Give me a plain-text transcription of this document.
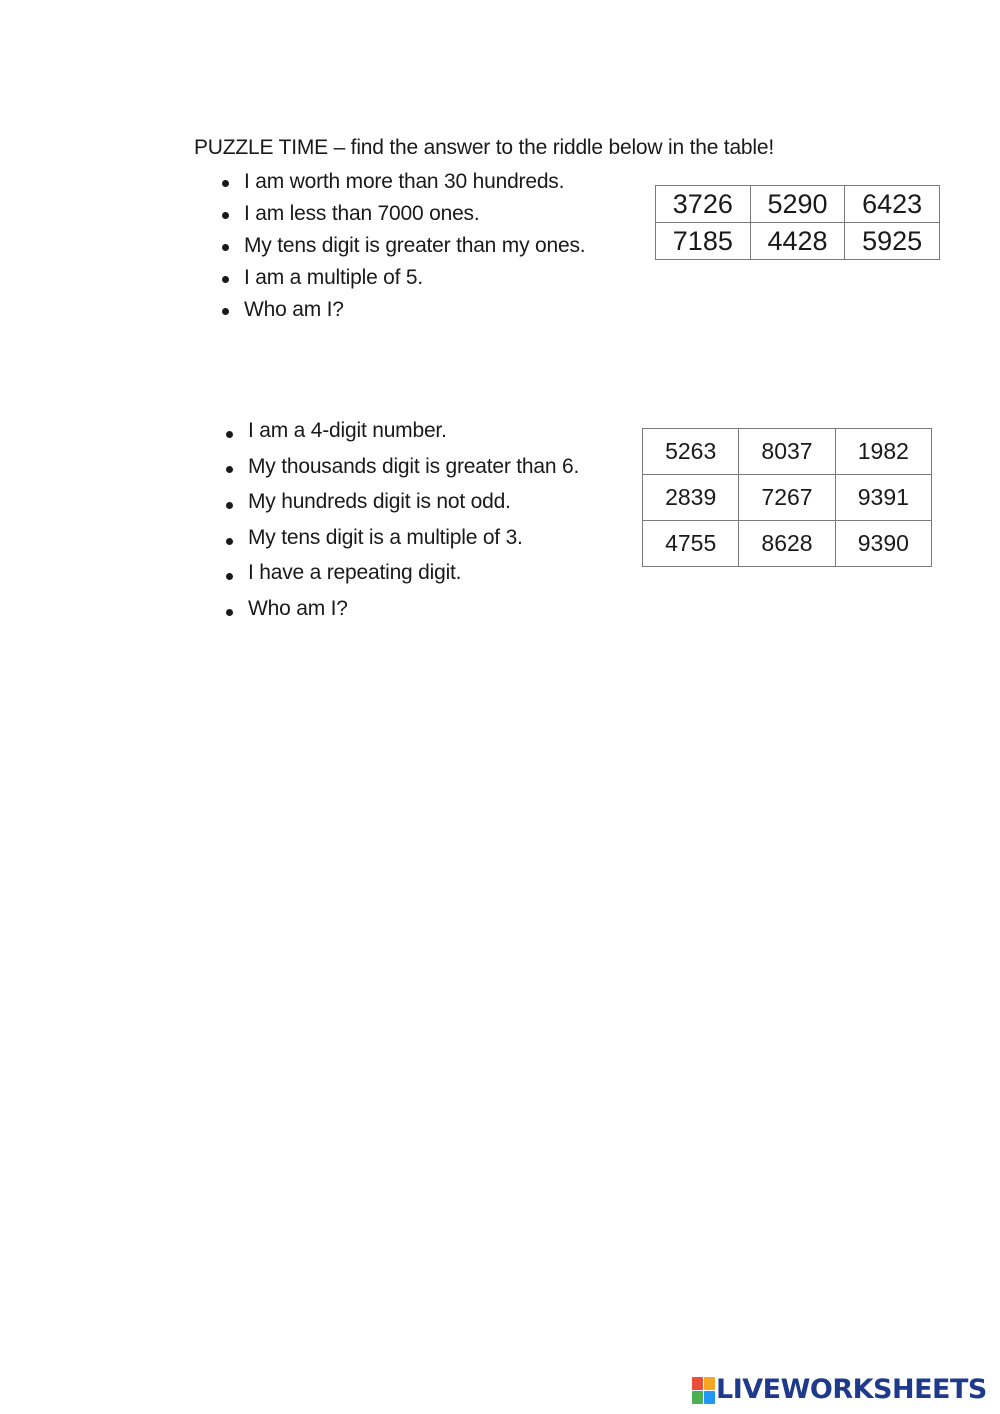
PUZZLE TIME – find the answer to the riddle below in the table!
I am worth more than 30 hundreds.
I am less than 7000 ones.
My tens digit is greater than my ones.
I am a multiple of 5.
Who am I?
3726	5290	6423
7185	4428	5925
I am a 4-digit number.
My thousands digit is greater than 6.
My hundreds digit is not odd.
My tens digit is a multiple of 3.
I have a repeating digit.
Who am I?
5263	8037	1982
2839	7267	9391
4755	8628	9390
LIVEWORKSHEETS
